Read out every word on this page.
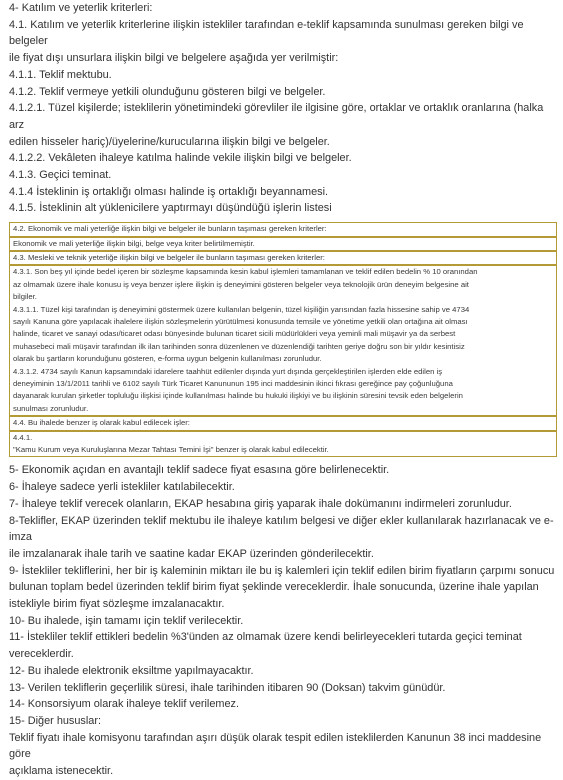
4- Katılım ve yeterlik kriterleri:

4.1. Katılım ve yeterlik kriterlerine ilişkin istekliler tarafından e-teklif kapsamında sunulması gereken bilgi ve belgeler

ile fiyat dışı unsurlara ilişkin bilgi ve belgelere aşağıda yer verilmiştir:

4.1.1. Teklif mektubu.

4.1.2. Teklif vermeye yetkili olunduğunu gösteren bilgi ve belgeler.

4.1.2.1. Tüzel kişilerde; isteklilerin yönetimindeki görevliler ile ilgisine göre, ortaklar ve ortaklık oranlarına (halka arz

edilen hisseler hariç)/üyelerine/kurucularına ilişkin bilgi ve belgeler.

4.1.2.2. Vekâleten ihaleye katılma halinde vekile ilişkin bilgi ve belgeler.

4.1.3. Geçici teminat.

4.1.4 İsteklinin iş ortaklığı olması halinde iş ortaklığı beyannamesi.

4.1.5. İsteklinin alt yüklenicilere yaptırmayı düşündüğü işlerin listesi

4.2. Ekonomik ve mali yeterliğe ilişkin bilgi ve belgeler ile bunların taşıması gereken kriterler:

Ekonomik ve mali yeterliğe ilişkin bilgi, belge veya kriter belirtilmemiştir.

4.3. Mesleki ve teknik yeterliğe ilişkin bilgi ve belgeler ile bunların taşıması gereken kriterler:

4.3.1. Son beş yıl içinde bedel içeren bir sözleşme kapsamında kesin kabul işlemleri tamamlanan ve teklif edilen bedelin % 10 oranından

az olmamak üzere ihale konusu iş veya benzer işlere ilişkin iş deneyimini gösteren belgeler veya teknolojik ürün deneyim belgesine ait

bilgiler.

4.3.1.1. Tüzel kişi tarafından iş deneyimini göstermek üzere kullanılan belgenin, tüzel kişiliğin yarısından fazla hissesine sahip ve 4734

sayılı Kanuna göre yapılacak ihalelere ilişkin sözleşmelerin yürütülmesi konusunda temsile ve yönetime yetkili olan ortağına ait olması

halinde, ticaret ve sanayi odası/ticaret odası bünyesinde bulunan ticaret sicili müdürlükleri veya yeminli mali müşavir ya da serbest

muhasebeci mali müşavir tarafından ilk ilan tarihinden sonra düzenlenen ve düzenlendiği tarihten geriye doğru son bir yıldır kesintisiz

olarak bu şartların korunduğunu gösteren, e-forma uygun belgenin kullanılması zorunludur.

4.3.1.2. 4734 sayılı Kanun kapsamındaki idarelere taahhüt edilenler dışında yurt dışında gerçekleştirilen işlerden elde edilen iş

deneyiminin 13/1/2011 tarihli ve 6102 sayılı Türk Ticaret Kanununun 195 inci maddesinin ikinci fıkrası gereğince pay çoğunluğuna

dayanarak kurulan şirketler topluluğu ilişkisi içinde kullanılması halinde bu hukuki ilişkiyi ve bu ilişkinin süresini tevsik eden belgelerin

sunulması zorunludur.

4.4. Bu ihalede benzer iş olarak kabul edilecek işler:

4.4.1.

"Kamu Kurum veya Kuruluşlarına Mezar Tahtası Temini İşi" benzer iş olarak kabul edilecektir.

5- Ekonomik açıdan en avantajlı teklif sadece fiyat esasına göre belirlenecektir.

6- İhaleye sadece yerli istekliler katılabilecektir.

7- İhaleye teklif verecek olanların, EKAP hesabına giriş yaparak ihale dokümanını indirmeleri zorunludur.

8-Teklifler, EKAP üzerinden teklif mektubu ile ihaleye katılım belgesi ve diğer ekler kullanılarak hazırlanacak ve e-imza

ile imzalanarak ihale tarih ve saatine kadar EKAP üzerinden gönderilecektir.

9- İstekliler tekliflerini, her bir iş kaleminin miktarı ile bu iş kalemleri için teklif edilen birim fiyatların çarpımı sonucu

bulunan toplam bedel üzerinden teklif birim fiyat şeklinde vereceklerdir. İhale sonucunda, üzerine ihale yapılan

istekliyle birim fiyat sözleşme imzalanacaktır.

10- Bu ihalede, işin tamamı için teklif verilecektir.

11- İstekliler teklif ettikleri bedelin %3'ünden az olmamak üzere kendi belirleyecekleri tutarda geçici teminat

vereceklerdir.

12- Bu ihalede elektronik eksiltme yapılmayacaktır.

13- Verilen tekliflerin geçerlilik süresi, ihale tarihinden itibaren 90 (Doksan) takvim günüdür.

14- Konsorsiyum olarak ihaleye teklif verilemez.

15- Diğer hususlar:

Teklif fiyatı ihale komisyonu tarafından aşırı düşük olarak tespit edilen isteklilerden Kanunun 38 inci maddesine göre

açıklama istenecektir.
